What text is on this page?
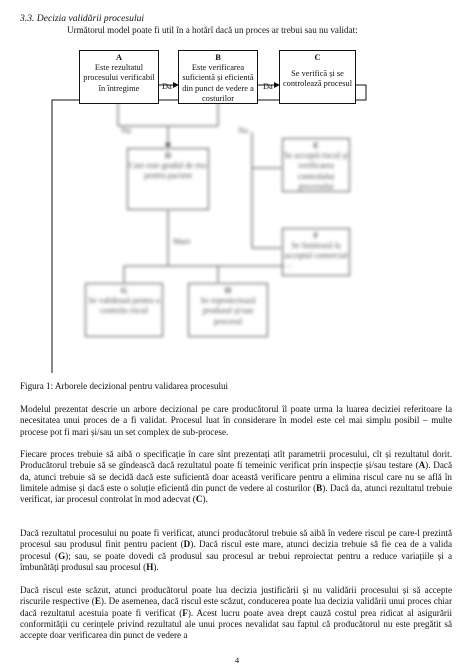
3.3. Decizia validării procesului
Următorul model poate fi util în a hotărî dacă un proces ar trebui sau nu validat:
A
Este rezultatul procesului verificabil în întregime	Da
B
Este verificarea suficientă și eficientă din punct de vedere a costurilor
Da
C
Se verifică și se controlează procesul
Nu	Nu
D
Care este gradul de risc pentru pacient
E
Se acceptă riscul și verificarea controlului procesului
F
Se limitează la acceptul comercial
Mare
G
Se validează pentru a controla riscul
H
Se reproiectează produsul și/sau procesul
Figura 1: Arborele decizional pentru validarea procesului

Modelul prezentat descrie un arbore decizional pe care producătorul îl poate urma la luarea deciziei referitoare la necesitatea unui proces de a fi validat. Procesul luat în considerare în model este cel mai simplu posibil – multe procese pot fi mari și/sau un set complex de sub-procese.

Fiecare proces trebuie să aibă o specificație în care sînt prezentați atît parametrii procesului, cît și rezultatul dorit. Producătorul trebuie să se gîndească dacă rezultatul poate fi temeinic verificat prin inspecție și/sau testare (A). Dacă da, atunci trebuie să se decidă dacă este suficientă doar această verificare pentru a elimina riscul care nu se află în limitele admise și dacă este o soluție eficientă din punct de vedere al costurilor (B). Dacă da, atunci rezultatul trebuie verificat, iar procesul controlat în mod adecvat (C).

Dacă rezultatul procesului nu poate fi verificat, atunci producătorul trebuie să aibă în vedere riscul pe care-l prezintă procesul sau produsul finit pentru pacient (D). Dacă riscul este mare, atunci decizia trebuie să fie cea de a valida procesul (G); sau, se poate dovedi că produsul sau procesul ar trebui reproiectat pentru a reduce variațiile și a îmbunătăți produsul sau procesul (H).

Dacă riscul este scăzut, atunci producătorul poate lua decizia justificării și nu validării procesului și să accepte riscurile respective (E). De asemenea, dacă riscul este scăzut, conducerea poate lua decizia validării unui proces chiar dacă rezultatul acestuia poate fi verificat (F). Acest lucru poate avea drept cauză costul prea ridicat al asigurării conformității cu cerințele privind rezultatul ale unui proces nevalidat sau faptul că producătorul nu este pregătit să accepte doar verificarea din punct de vedere a

4
